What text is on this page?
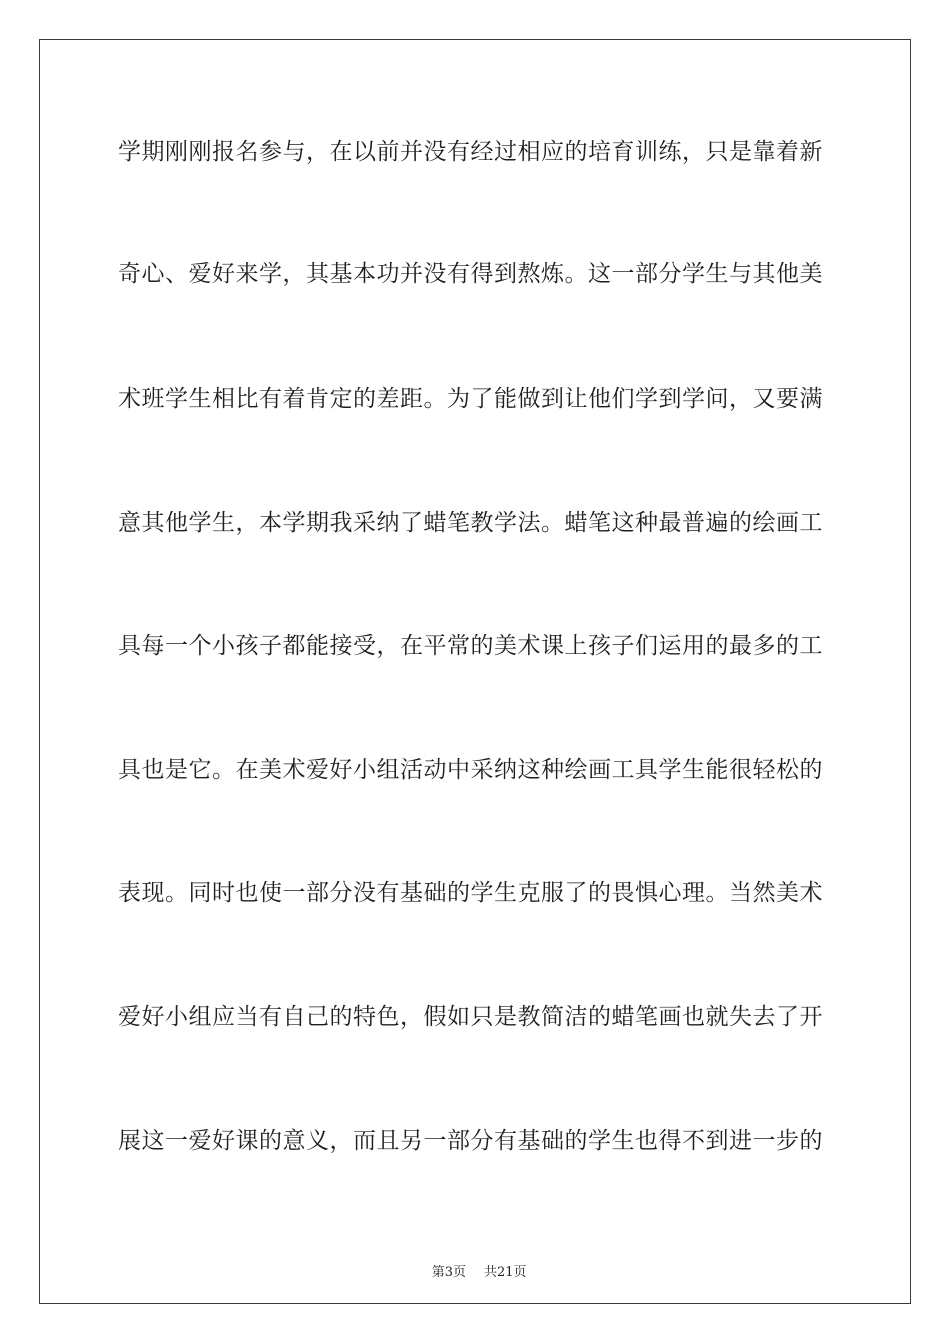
学期刚刚报名参与，在以前并没有经过相应的培育训练，只是靠着新
奇心、爱好来学，其基本功并没有得到熬炼。这一部分学生与其他美
术班学生相比有着肯定的差距。为了能做到让他们学到学问，又要满
意其他学生，本学期我采纳了蜡笔教学法。蜡笔这种最普遍的绘画工
具每一个小孩子都能接受，在平常的美术课上孩子们运用的最多的工
具也是它。在美术爱好小组活动中采纳这种绘画工具学生能很轻松的
表现。同时也使一部分没有基础的学生克服了的畏惧心理。当然美术
爱好小组应当有自己的特色，假如只是教简洁的蜡笔画也就失去了开
展这一爱好课的意义，而且另一部分有基础的学生也得不到进一步的

第3页 共21页
